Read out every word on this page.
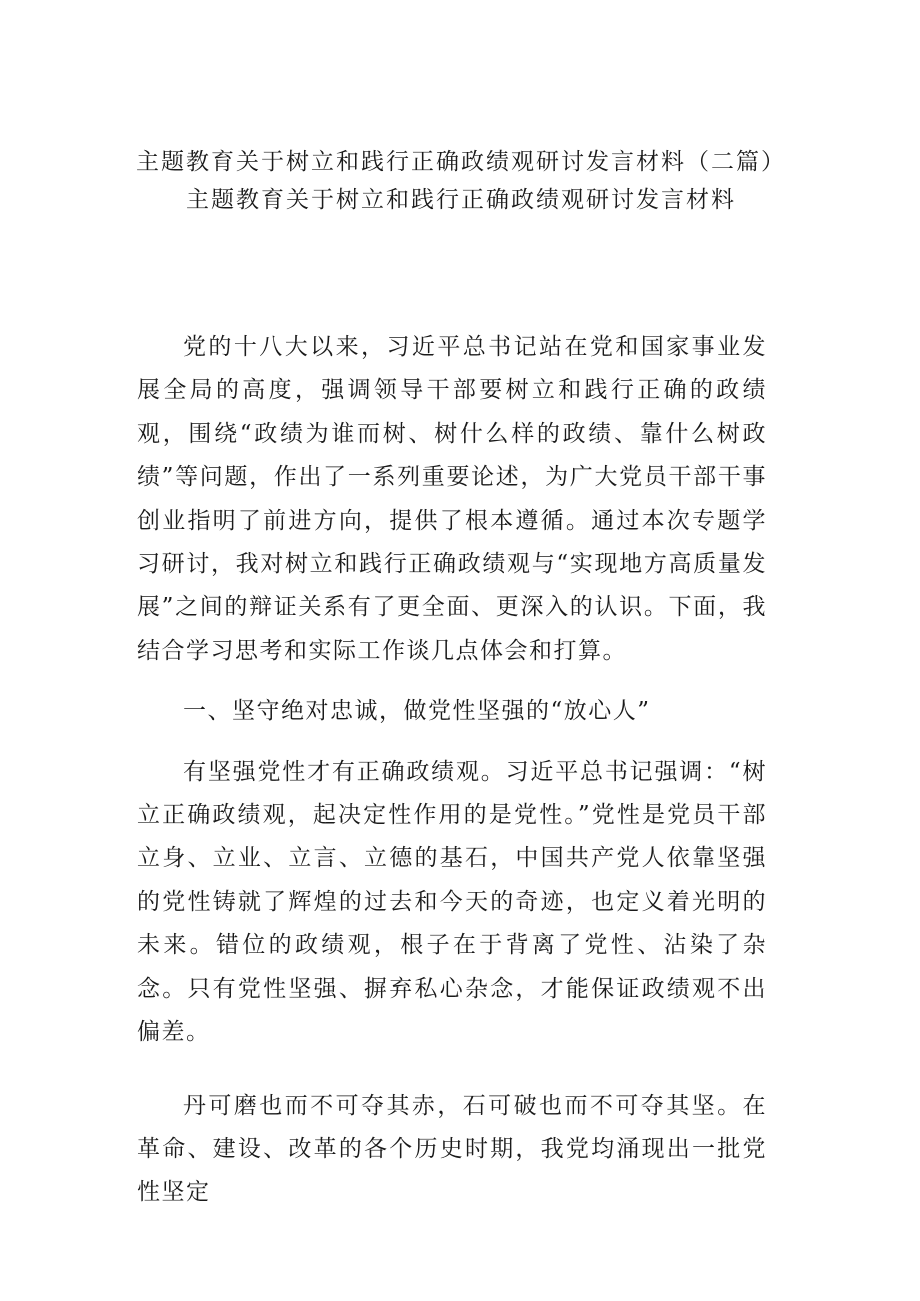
主题教育关于树立和践行正确政绩观研讨发言材料（二篇）
主题教育关于树立和践行正确政绩观研讨发言材料

党的十八大以来，习近平总书记站在党和国家事业发展全局的高度，强调领导干部要树立和践行正确的政绩观，围绕“政绩为谁而树、树什么样的政绩、靠什么树政绩”等问题，作出了一系列重要论述，为广大党员干部干事创业指明了前进方向，提供了根本遵循。通过本次专题学习研讨，我对树立和践行正确政绩观与“实现地方高质量发展”之间的辩证关系有了更全面、更深入的认识。下面，我结合学习思考和实际工作谈几点体会和打算。

一、坚守绝对忠诚，做党性坚强的“放心人”

有坚强党性才有正确政绩观。习近平总书记强调：“树立正确政绩观，起决定性作用的是党性。”党性是党员干部立身、立业、立言、立德的基石，中国共产党人依靠坚强的党性铸就了辉煌的过去和今天的奇迹，也定义着光明的未来。错位的政绩观，根子在于背离了党性、沾染了杂念。只有党性坚强、摒弃私心杂念，才能保证政绩观不出偏差。

丹可磨也而不可夺其赤，石可破也而不可夺其坚。在革命、建设、改革的各个历史时期，我党均涌现出一批党性坚定
